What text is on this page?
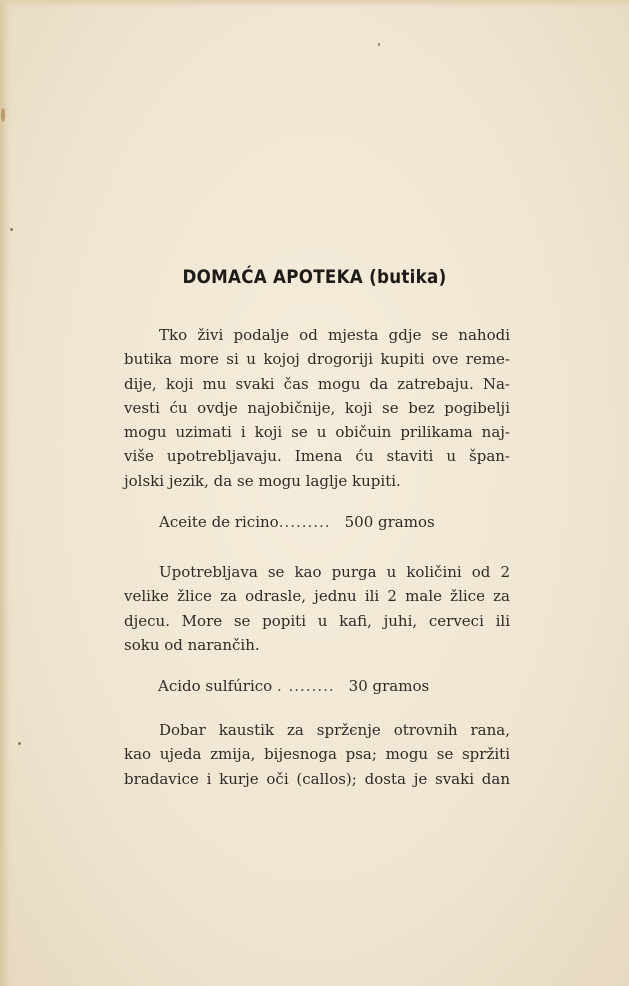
DOMAĆA APOTEKA (butika)
Tko živi podalje od mjesta gdje se nahodi
butika more si u kojoj drogoriji kupiti ove reme-
dije, koji mu svaki čas mogu da zatrebaju. Na-
vesti ću ovdje najobičnije, koji se bez pogibelji
mogu uzimati i koji se u običuin prilikama naj-
više upotrebljavaju. Imena ću staviti u špan-
jolski jezik, da se mogu laglje kupiti.
Aceite de ricino......... 500 gramos
Upotrebljava se kao purga u količini od 2
velike žlice za odrasle, jednu ili 2 male žlice za
djecu. More se popiti u kafi, juhi, cerveci ili
soku od narančih.
Acido sulfúrico . ........ 30 gramos
Dobar kaustik za spržєnje otrovnih rana,
kao ujeda zmija, bijesnoga psa; mogu se spržiti
bradavice i kurje oči (callos); dosta je svaki dan
